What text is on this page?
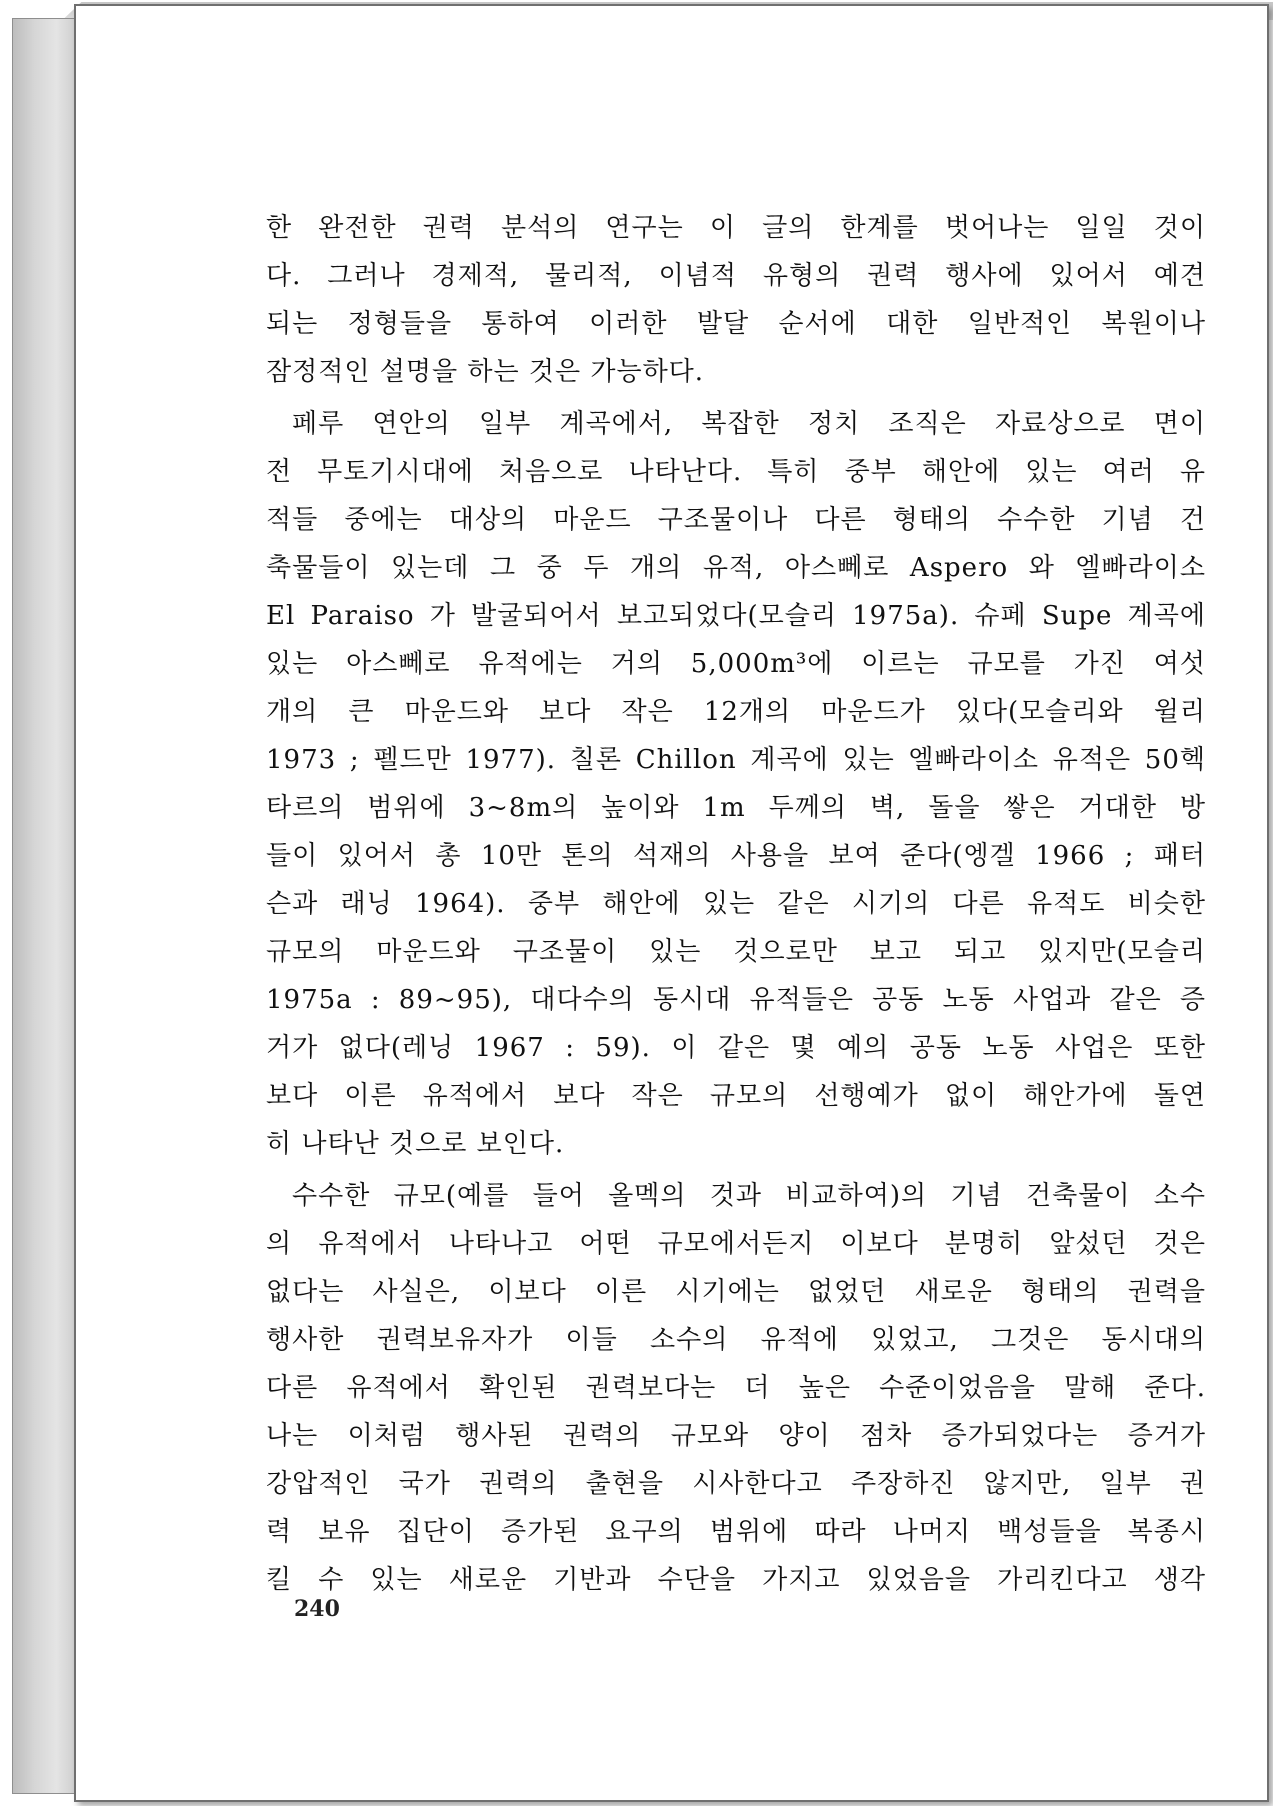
한 완전한 권력 분석의 연구는 이 글의 한계를 벗어나는 일일 것이
다. 그러나 경제적, 물리적, 이념적 유형의 권력 행사에 있어서 예견
되는 정형들을 통하여 이러한 발달 순서에 대한 일반적인 복원이나
잠정적인 설명을 하는 것은 가능하다.
페루 연안의 일부 계곡에서, 복잡한 정치 조직은 자료상으로 면이
전 무토기시대에 처음으로 나타난다. 특히 중부 해안에 있는 여러 유
적들 중에는 대상의 마운드 구조물이나 다른 형태의 수수한 기념 건
축물들이 있는데 그 중 두 개의 유적, 아스뻬로 Aspero 와 엘빠라이소
El Paraiso 가 발굴되어서 보고되었다(모슬리 1975a). 슈페 Supe 계곡에
있는 아스뻬로 유적에는 거의 5,000m³에 이르는 규모를 가진 여섯
개의 큰 마운드와 보다 작은 12개의 마운드가 있다(모슬리와 윌리
1973 ; 펠드만 1977). 칠론 Chillon 계곡에 있는 엘빠라이소 유적은 50헥
타르의 범위에 3~8m의 높이와 1m 두께의 벽, 돌을 쌓은 거대한 방
들이 있어서 총 10만 톤의 석재의 사용을 보여 준다(엥겔 1966 ; 패터
슨과 래닝 1964). 중부 해안에 있는 같은 시기의 다른 유적도 비슷한
규모의 마운드와 구조물이 있는 것으로만 보고 되고 있지만(모슬리
1975a : 89~95), 대다수의 동시대 유적들은 공동 노동 사업과 같은 증
거가 없다(레닝 1967 : 59). 이 같은 몇 예의 공동 노동 사업은 또한
보다 이른 유적에서 보다 작은 규모의 선행예가 없이 해안가에 돌연
히 나타난 것으로 보인다.
수수한 규모(예를 들어 올멕의 것과 비교하여)의 기념 건축물이 소수
의 유적에서 나타나고 어떤 규모에서든지 이보다 분명히 앞섰던 것은
없다는 사실은, 이보다 이른 시기에는 없었던 새로운 형태의 권력을
행사한 권력보유자가 이들 소수의 유적에 있었고, 그것은 동시대의
다른 유적에서 확인된 권력보다는 더 높은 수준이었음을 말해 준다.
나는 이처럼 행사된 권력의 규모와 양이 점차 증가되었다는 증거가
강압적인 국가 권력의 출현을 시사한다고 주장하진 않지만, 일부 권
력 보유 집단이 증가된 요구의 범위에 따라 나머지 백성들을 복종시
킬 수 있는 새로운 기반과 수단을 가지고 있었음을 가리킨다고 생각
240
